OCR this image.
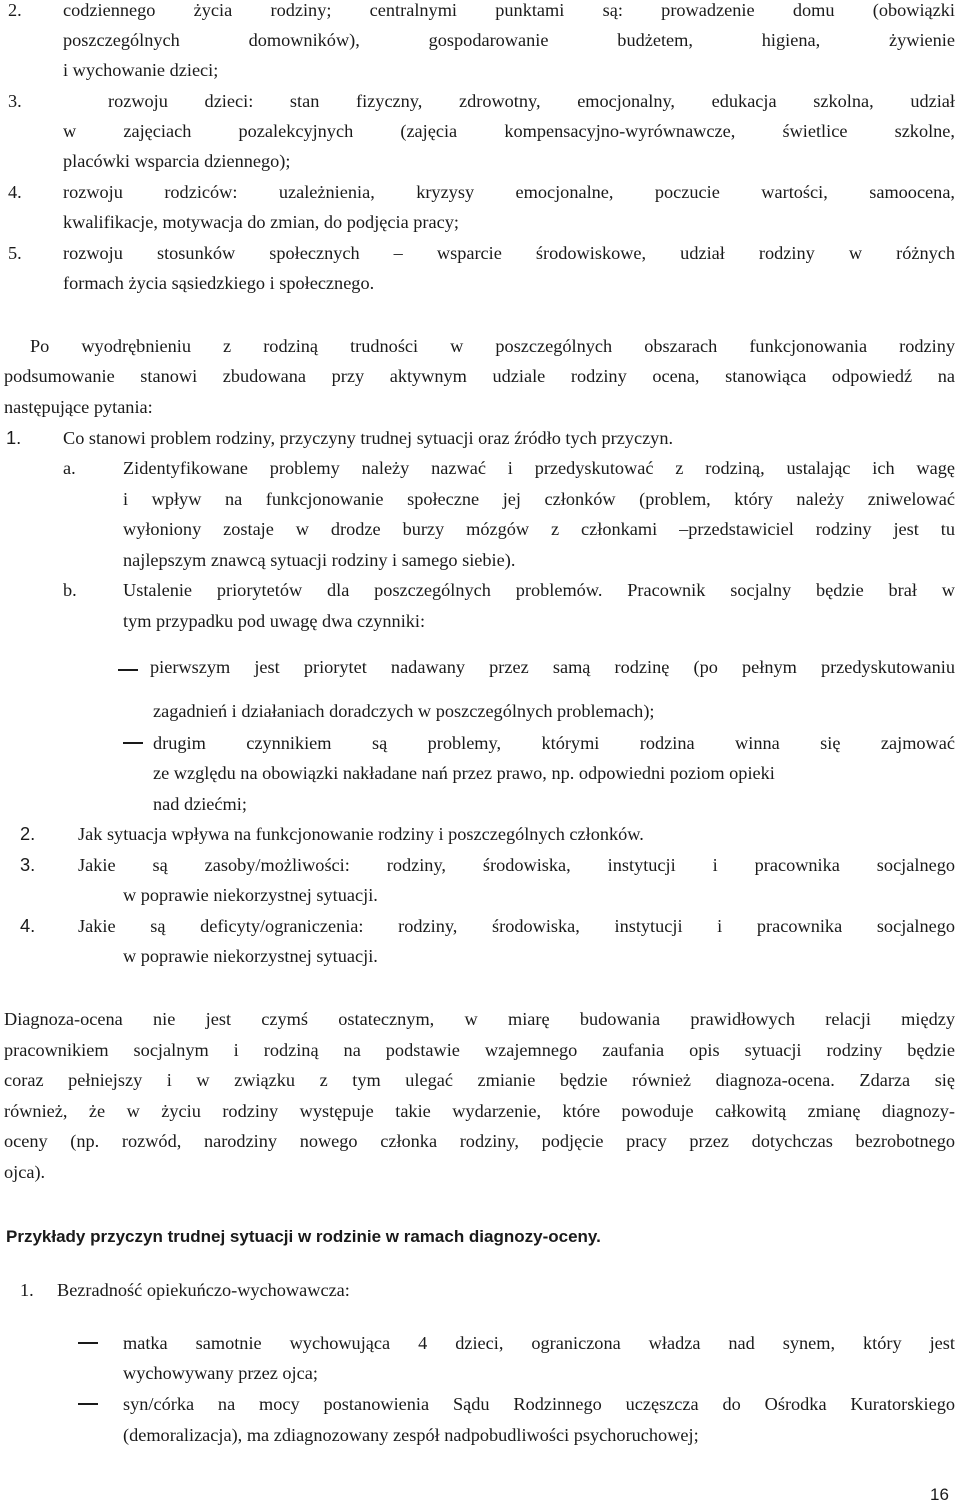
2. codziennego życia rodziny; centralnymi punktami są: prowadzenie domu (obowiązki
poszczególnych domowników), gospodarowanie budżetem, higiena, żywienie
i wychowanie dzieci;
3.	rozwoju dzieci: stan fizyczny, zdrowotny, emocjonalny, edukacja szkolna, udział
w zajęciach pozalekcyjnych (zajęcia kompensacyjno-wyrównawcze, świetlice szkolne,
placówki wsparcia dziennego);
4. rozwoju rodziców: uzależnienia, kryzysy emocjonalne, poczucie wartości, samoocena,
kwalifikacje, motywacja do zmian, do podjęcia pracy;
5. rozwoju stosunków społecznych – wsparcie środowiskowe, udział rodziny w różnych
formach życia sąsiedzkiego i społecznego.
Po wyodrębnieniu z rodziną trudności w poszczególnych obszarach funkcjonowania rodziny
podsumowanie stanowi zbudowana przy aktywnym udziale rodziny ocena, stanowiąca odpowiedź na
następujące pytania:
1. Co stanowi problem rodziny, przyczyny trudnej sytuacji oraz źródło tych przyczyn.
a.	Zidentyfikowane problemy należy nazwać i przedyskutować z rodziną, ustalając ich wagę
i wpływ na funkcjonowanie społeczne jej członków (problem, który należy zniwelować
wyłoniony zostaje w drodze burzy mózgów z członkami –przedstawiciel rodziny jest tu
najlepszym znawcą sytuacji rodziny i samego siebie).
b.	Ustalenie priorytetów dla poszczególnych problemów. Pracownik socjalny będzie brał w
tym przypadku pod uwagę dwa czynniki:
pierwszym jest priorytet nadawany przez samą rodzinę (po pełnym przedyskutowaniu
zagadnień i działaniach doradczych w poszczególnych problemach);
drugim czynnikiem są problemy, którymi rodzina winna się zajmować
ze względu na obowiązki nakładane nań przez prawo, np. odpowiedni poziom opieki
nad dziećmi;
2. Jak sytuacja wpływa na funkcjonowanie rodziny i poszczególnych członków.
3. Jakie są zasoby/możliwości: rodziny, środowiska, instytucji i pracownika socjalnego
w poprawie niekorzystnej sytuacji.
4. Jakie są deficyty/ograniczenia: rodziny, środowiska, instytucji i pracownika socjalnego
w poprawie niekorzystnej sytuacji.
Diagnoza-ocena nie jest czymś ostatecznym, w miarę budowania prawidłowych relacji między
pracownikiem socjalnym i rodziną na podstawie wzajemnego zaufania opis sytuacji rodziny będzie
coraz pełniejszy i w związku z tym ulegać zmianie będzie również diagnoza-ocena. Zdarza się
również, że w życiu rodziny występuje takie wydarzenie, które powoduje całkowitą zmianę diagnozy-
oceny (np. rozwód, narodziny nowego członka rodziny, podjęcie pracy przez dotychczas bezrobotnego
ojca).
Przykłady przyczyn trudnej sytuacji w rodzinie w ramach diagnozy-oceny.
1. Bezradność opiekuńczo-wychowawcza:
matka samotnie wychowująca 4 dzieci, ograniczona władza nad synem, który jest
wychowywany przez ojca;
syn/córka na mocy postanowienia Sądu Rodzinnego uczęszcza do Ośrodka Kuratorskiego
(demoralizacja), ma zdiagnozowany zespół nadpobudliwości psychoruchowej;
16
